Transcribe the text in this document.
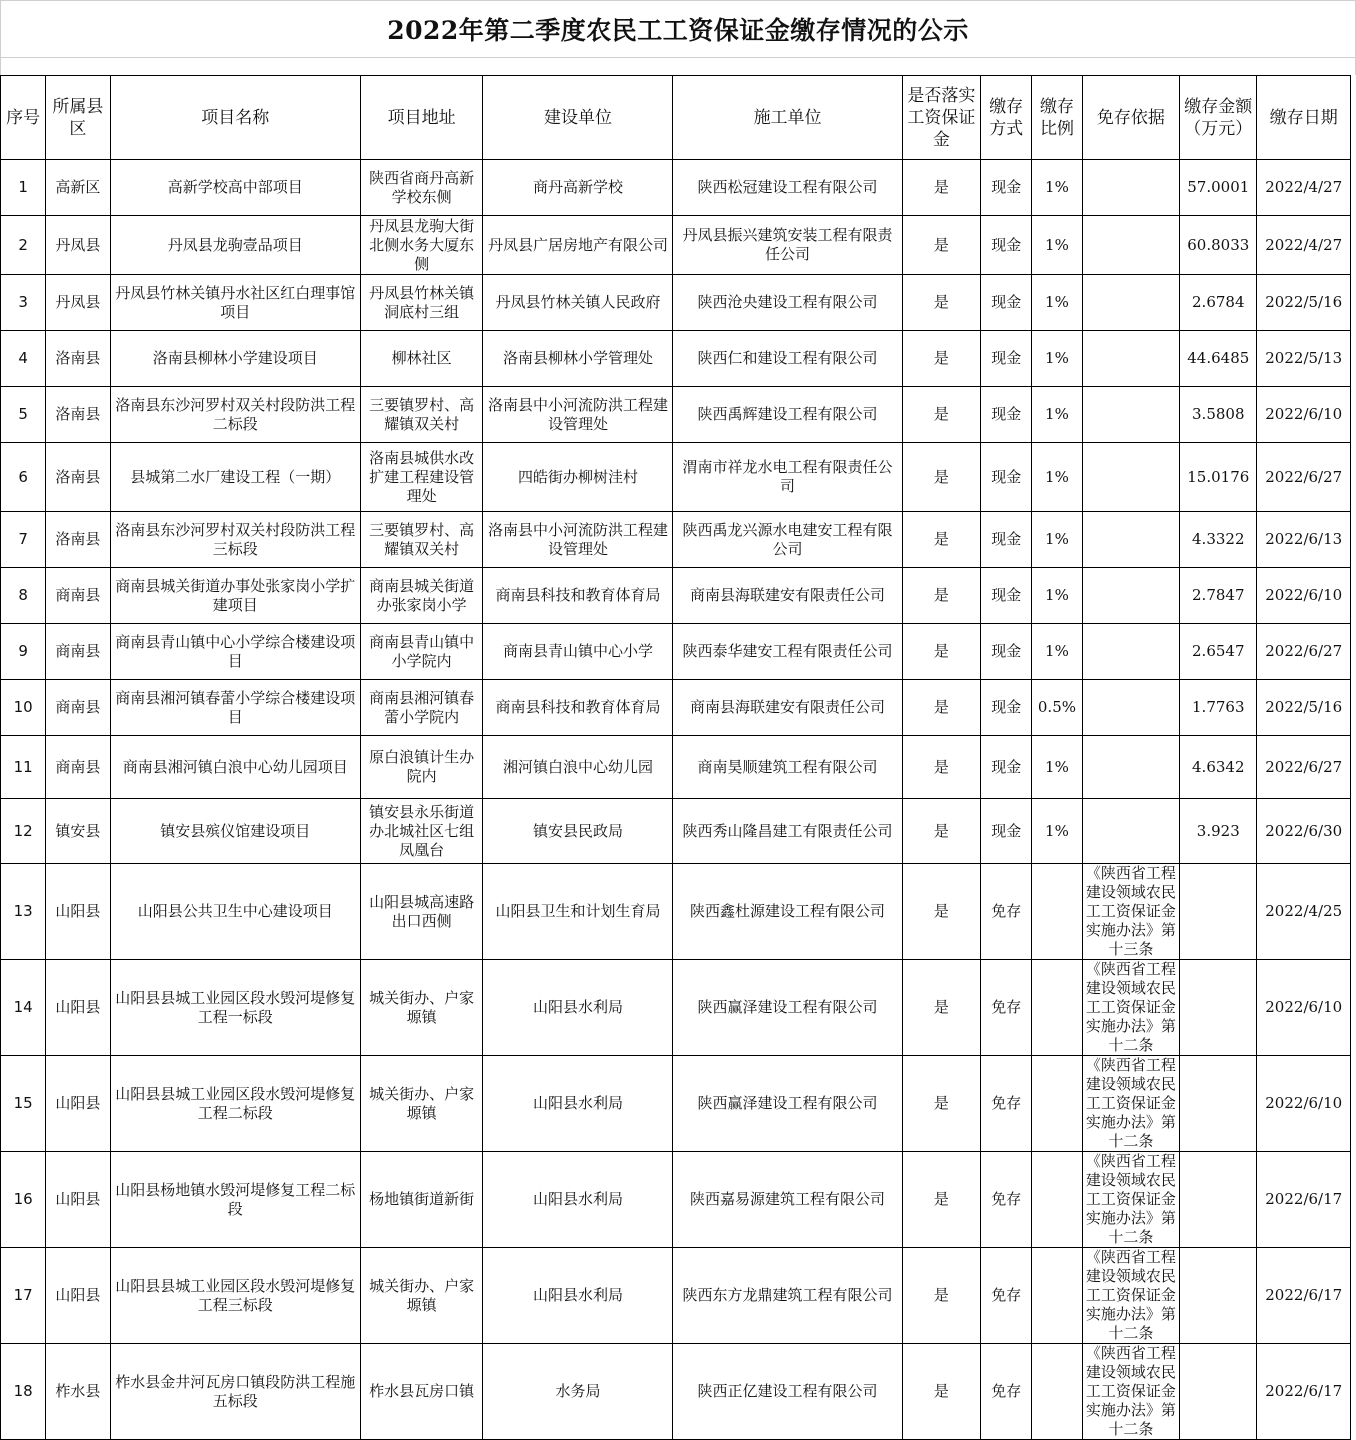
2022年第二季度农民工工资保证金缴存情况的公示
序号	所属县区	项目名称	项目地址	建设单位	施工单位	是否落实工资保证金	缴存方式	缴存比例	免存依据	缴存金额（万元）	缴存日期
1	高新区	高新学校高中部项目	陕西省商丹高新学校东侧	商丹高新学校	陕西松冠建设工程有限公司	是	现金	1%		57.0001	2022/4/27
2	丹凤县	丹凤县龙驹壹品项目	丹凤县龙驹大街北侧水务大厦东侧	丹凤县广居房地产有限公司	丹凤县振兴建筑安装工程有限责任公司	是	现金	1%		60.8033	2022/4/27
3	丹凤县	丹凤县竹林关镇丹水社区红白理事馆项目	丹凤县竹林关镇洞底村三组	丹凤县竹林关镇人民政府	陕西沧央建设工程有限公司	是	现金	1%		2.6784	2022/5/16
4	洛南县	洛南县柳林小学建设项目	柳林社区	洛南县柳林小学管理处	陕西仁和建设工程有限公司	是	现金	1%		44.6485	2022/5/13
5	洛南县	洛南县东沙河罗村双关村段防洪工程二标段	三要镇罗村、高耀镇双关村	洛南县中小河流防洪工程建设管理处	陕西禹辉建设工程有限公司	是	现金	1%		3.5808	2022/6/10
6	洛南县	县城第二水厂建设工程（一期）	洛南县城供水改扩建工程建设管理处	四皓街办柳树洼村	渭南市祥龙水电工程有限责任公司	是	现金	1%		15.0176	2022/6/27
7	洛南县	洛南县东沙河罗村双关村段防洪工程三标段	三要镇罗村、高耀镇双关村	洛南县中小河流防洪工程建设管理处	陕西禹龙兴源水电建安工程有限公司	是	现金	1%		4.3322	2022/6/13
8	商南县	商南县城关街道办事处张家岗小学扩建项目	商南县城关街道办张家岗小学	商南县科技和教育体育局	商南县海联建安有限责任公司	是	现金	1%		2.7847	2022/6/10
9	商南县	商南县青山镇中心小学综合楼建设项目	商南县青山镇中小学院内	商南县青山镇中心小学	陕西泰华建安工程有限责任公司	是	现金	1%		2.6547	2022/6/27
10	商南县	商南县湘河镇春蕾小学综合楼建设项目	商南县湘河镇春蕾小学院内	商南县科技和教育体育局	商南县海联建安有限责任公司	是	现金	0.5%		1.7763	2022/5/16
11	商南县	商南县湘河镇白浪中心幼儿园项目	原白浪镇计生办院内	湘河镇白浪中心幼儿园	商南昊顺建筑工程有限公司	是	现金	1%		4.6342	2022/6/27
12	镇安县	镇安县殡仪馆建设项目	镇安县永乐街道办北城社区七组凤凰台	镇安县民政局	陕西秀山隆昌建工有限责任公司	是	现金	1%		3.923	2022/6/30
13	山阳县	山阳县公共卫生中心建设项目	山阳县城高速路出口西侧	山阳县卫生和计划生育局	陕西鑫杜源建设工程有限公司	是	免存		《陕西省工程建设领域农民工工资保证金实施办法》第十三条		2022/4/25
14	山阳县	山阳县县城工业园区段水毁河堤修复工程一标段	城关街办、户家塬镇	山阳县水利局	陕西赢泽建设工程有限公司	是	免存		《陕西省工程建设领域农民工工资保证金实施办法》第十二条		2022/6/10
15	山阳县	山阳县县城工业园区段水毁河堤修复工程二标段	城关街办、户家塬镇	山阳县水利局	陕西赢泽建设工程有限公司	是	免存		《陕西省工程建设领域农民工工资保证金实施办法》第十二条		2022/6/10
16	山阳县	山阳县杨地镇水毁河堤修复工程二标段	杨地镇街道新街	山阳县水利局	陕西嘉易源建筑工程有限公司	是	免存		《陕西省工程建设领域农民工工资保证金实施办法》第十二条		2022/6/17
17	山阳县	山阳县县城工业园区段水毁河堤修复工程三标段	城关街办、户家塬镇	山阳县水利局	陕西东方龙鼎建筑工程有限公司	是	免存		《陕西省工程建设领域农民工工资保证金实施办法》第十二条		2022/6/17
18	柞水县	柞水县金井河瓦房口镇段防洪工程施五标段	柞水县瓦房口镇	水务局	陕西正亿建设工程有限公司	是	免存		《陕西省工程建设领域农民工工资保证金实施办法》第十二条		2022/6/17
